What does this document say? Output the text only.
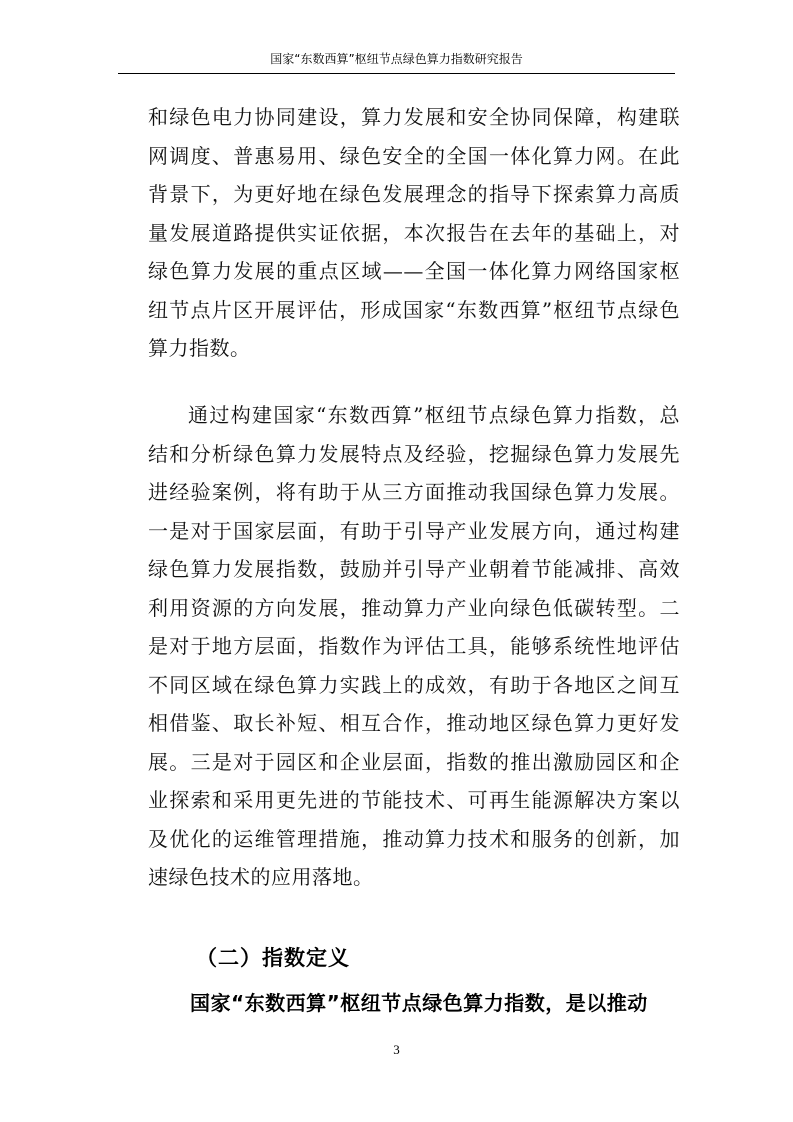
国家“东数西算”枢纽节点绿色算力指数研究报告

和绿色电力协同建设，算力发展和安全协同保障，构建联网调度、普惠易用、绿色安全的全国一体化算力网。在此背景下，为更好地在绿色发展理念的指导下探索算力高质量发展道路提供实证依据，本次报告在去年的基础上，对绿色算力发展的重点区域——全国一体化算力网络国家枢纽节点片区开展评估，形成国家“东数西算”枢纽节点绿色算力指数。

通过构建国家“东数西算”枢纽节点绿色算力指数，总结和分析绿色算力发展特点及经验，挖掘绿色算力发展先进经验案例，将有助于从三方面推动我国绿色算力发展。一是对于国家层面，有助于引导产业发展方向，通过构建绿色算力发展指数，鼓励并引导产业朝着节能减排、高效利用资源的方向发展，推动算力产业向绿色低碳转型。二是对于地方层面，指数作为评估工具，能够系统性地评估不同区域在绿色算力实践上的成效，有助于各地区之间互相借鉴、取长补短、相互合作，推动地区绿色算力更好发展。三是对于园区和企业层面，指数的推出激励园区和企业探索和采用更先进的节能技术、可再生能源解决方案以及优化的运维管理措施，推动算力技术和服务的创新，加速绿色技术的应用落地。

（二）指数定义

国家“东数西算”枢纽节点绿色算力指数，是以推动

3
